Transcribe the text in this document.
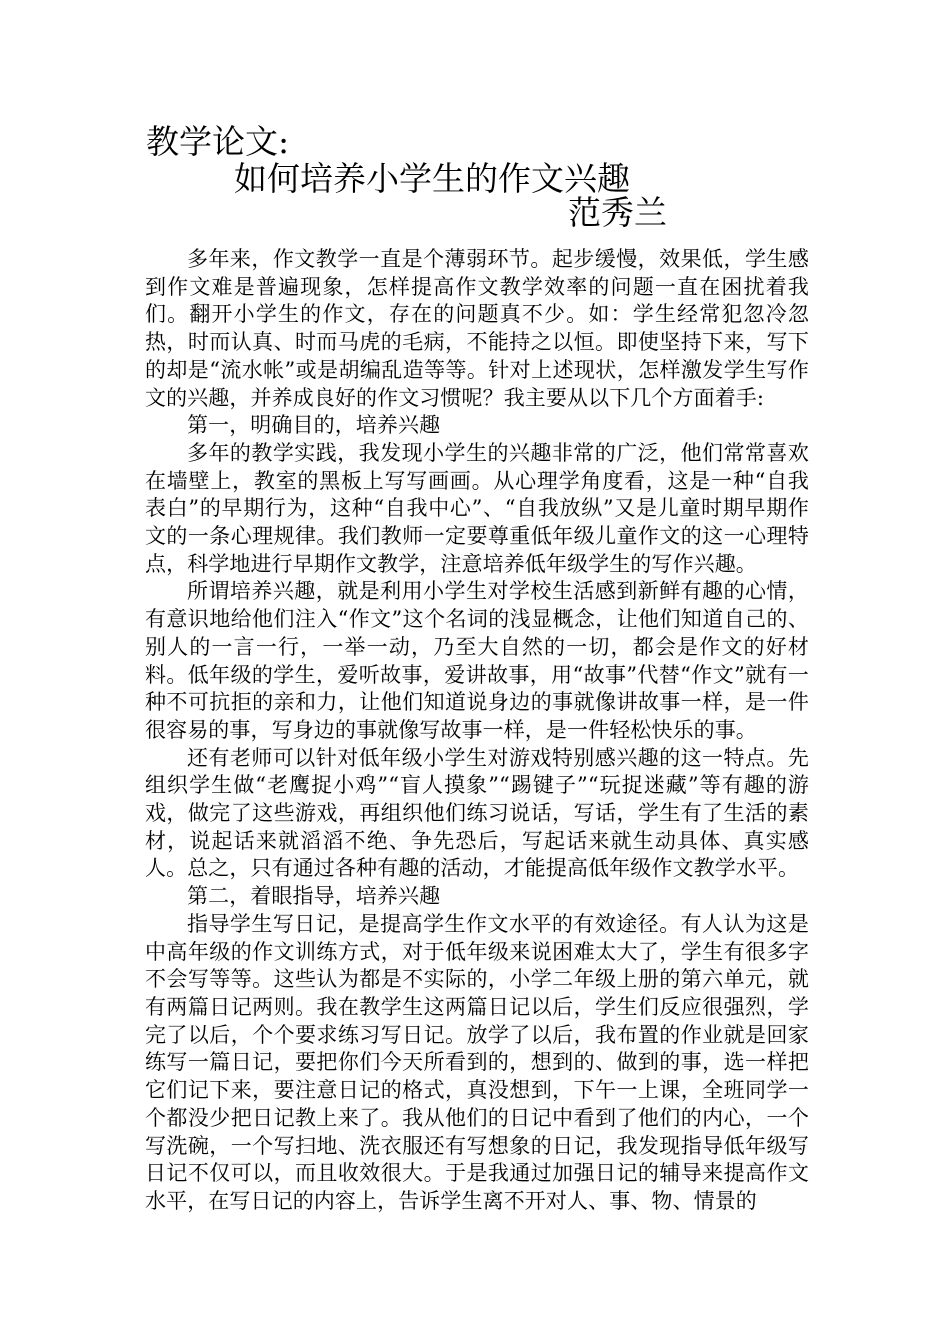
教学论文:
如何培养小学生的作文兴趣
范秀兰

多年来，作文教学一直是个薄弱环节。起步缓慢，效果低，学生感到作文难是普遍现象，怎样提高作文教学效率的问题一直在困扰着我们。翻开小学生的作文，存在的问题真不少。如：学生经常犯忽冷忽热，时而认真、时而马虎的毛病，不能持之以恒。即使坚持下来，写下的却是“流水帐”或是胡编乱造等等。针对上述现状，怎样激发学生写作文的兴趣，并养成良好的作文习惯呢？我主要从以下几个方面着手:

第一，明确目的，培养兴趣

多年的教学实践，我发现小学生的兴趣非常的广泛，他们常常喜欢在墙壁上，教室的黑板上写写画画。从心理学角度看，这是一种“自我表白”的早期行为，这种“自我中心”、“自我放纵”又是儿童时期早期作文的一条心理规律。我们教师一定要尊重低年级儿童作文的这一心理特点，科学地进行早期作文教学，注意培养低年级学生的写作兴趣。

所谓培养兴趣，就是利用小学生对学校生活感到新鲜有趣的心情，有意识地给他们注入“作文”这个名词的浅显概念，让他们知道自己的、别人的一言一行，一举一动，乃至大自然的一切，都会是作文的好材料。低年级的学生，爱听故事，爱讲故事，用“故事”代替“作文”就有一种不可抗拒的亲和力，让他们知道说身边的事就像讲故事一样，是一件很容易的事，写身边的事就像写故事一样，是一件轻松快乐的事。

还有老师可以针对低年级小学生对游戏特别感兴趣的这一特点。先组织学生做“老鹰捉小鸡”“盲人摸象”“踢键子”“玩捉迷藏”等有趣的游戏，做完了这些游戏，再组织他们练习说话，写话，学生有了生活的素材，说起话来就滔滔不绝、争先恐后，写起话来就生动具体、真实感人。总之，只有通过各种有趣的活动，才能提高低年级作文教学水平。

第二，着眼指导，培养兴趣

指导学生写日记，是提高学生作文水平的有效途径。有人认为这是中高年级的作文训练方式，对于低年级来说困难太大了，学生有很多字不会写等等。这些认为都是不实际的，小学二年级上册的第六单元，就有两篇日记两则。我在教学生这两篇日记以后，学生们反应很强烈，学完了以后，个个要求练习写日记。放学了以后，我布置的作业就是回家练写一篇日记，要把你们今天所看到的，想到的、做到的事，选一样把它们记下来，要注意日记的格式，真没想到，下午一上课，全班同学一个都没少把日记教上来了。我从他们的日记中看到了他们的内心，一个写洗碗，一个写扫地、洗衣服还有写想象的日记，我发现指导低年级写日记不仅可以，而且收效很大。于是我通过加强日记的辅导来提高作文水平，在写日记的内容上，告诉学生离不开对人、事、物、情景的
